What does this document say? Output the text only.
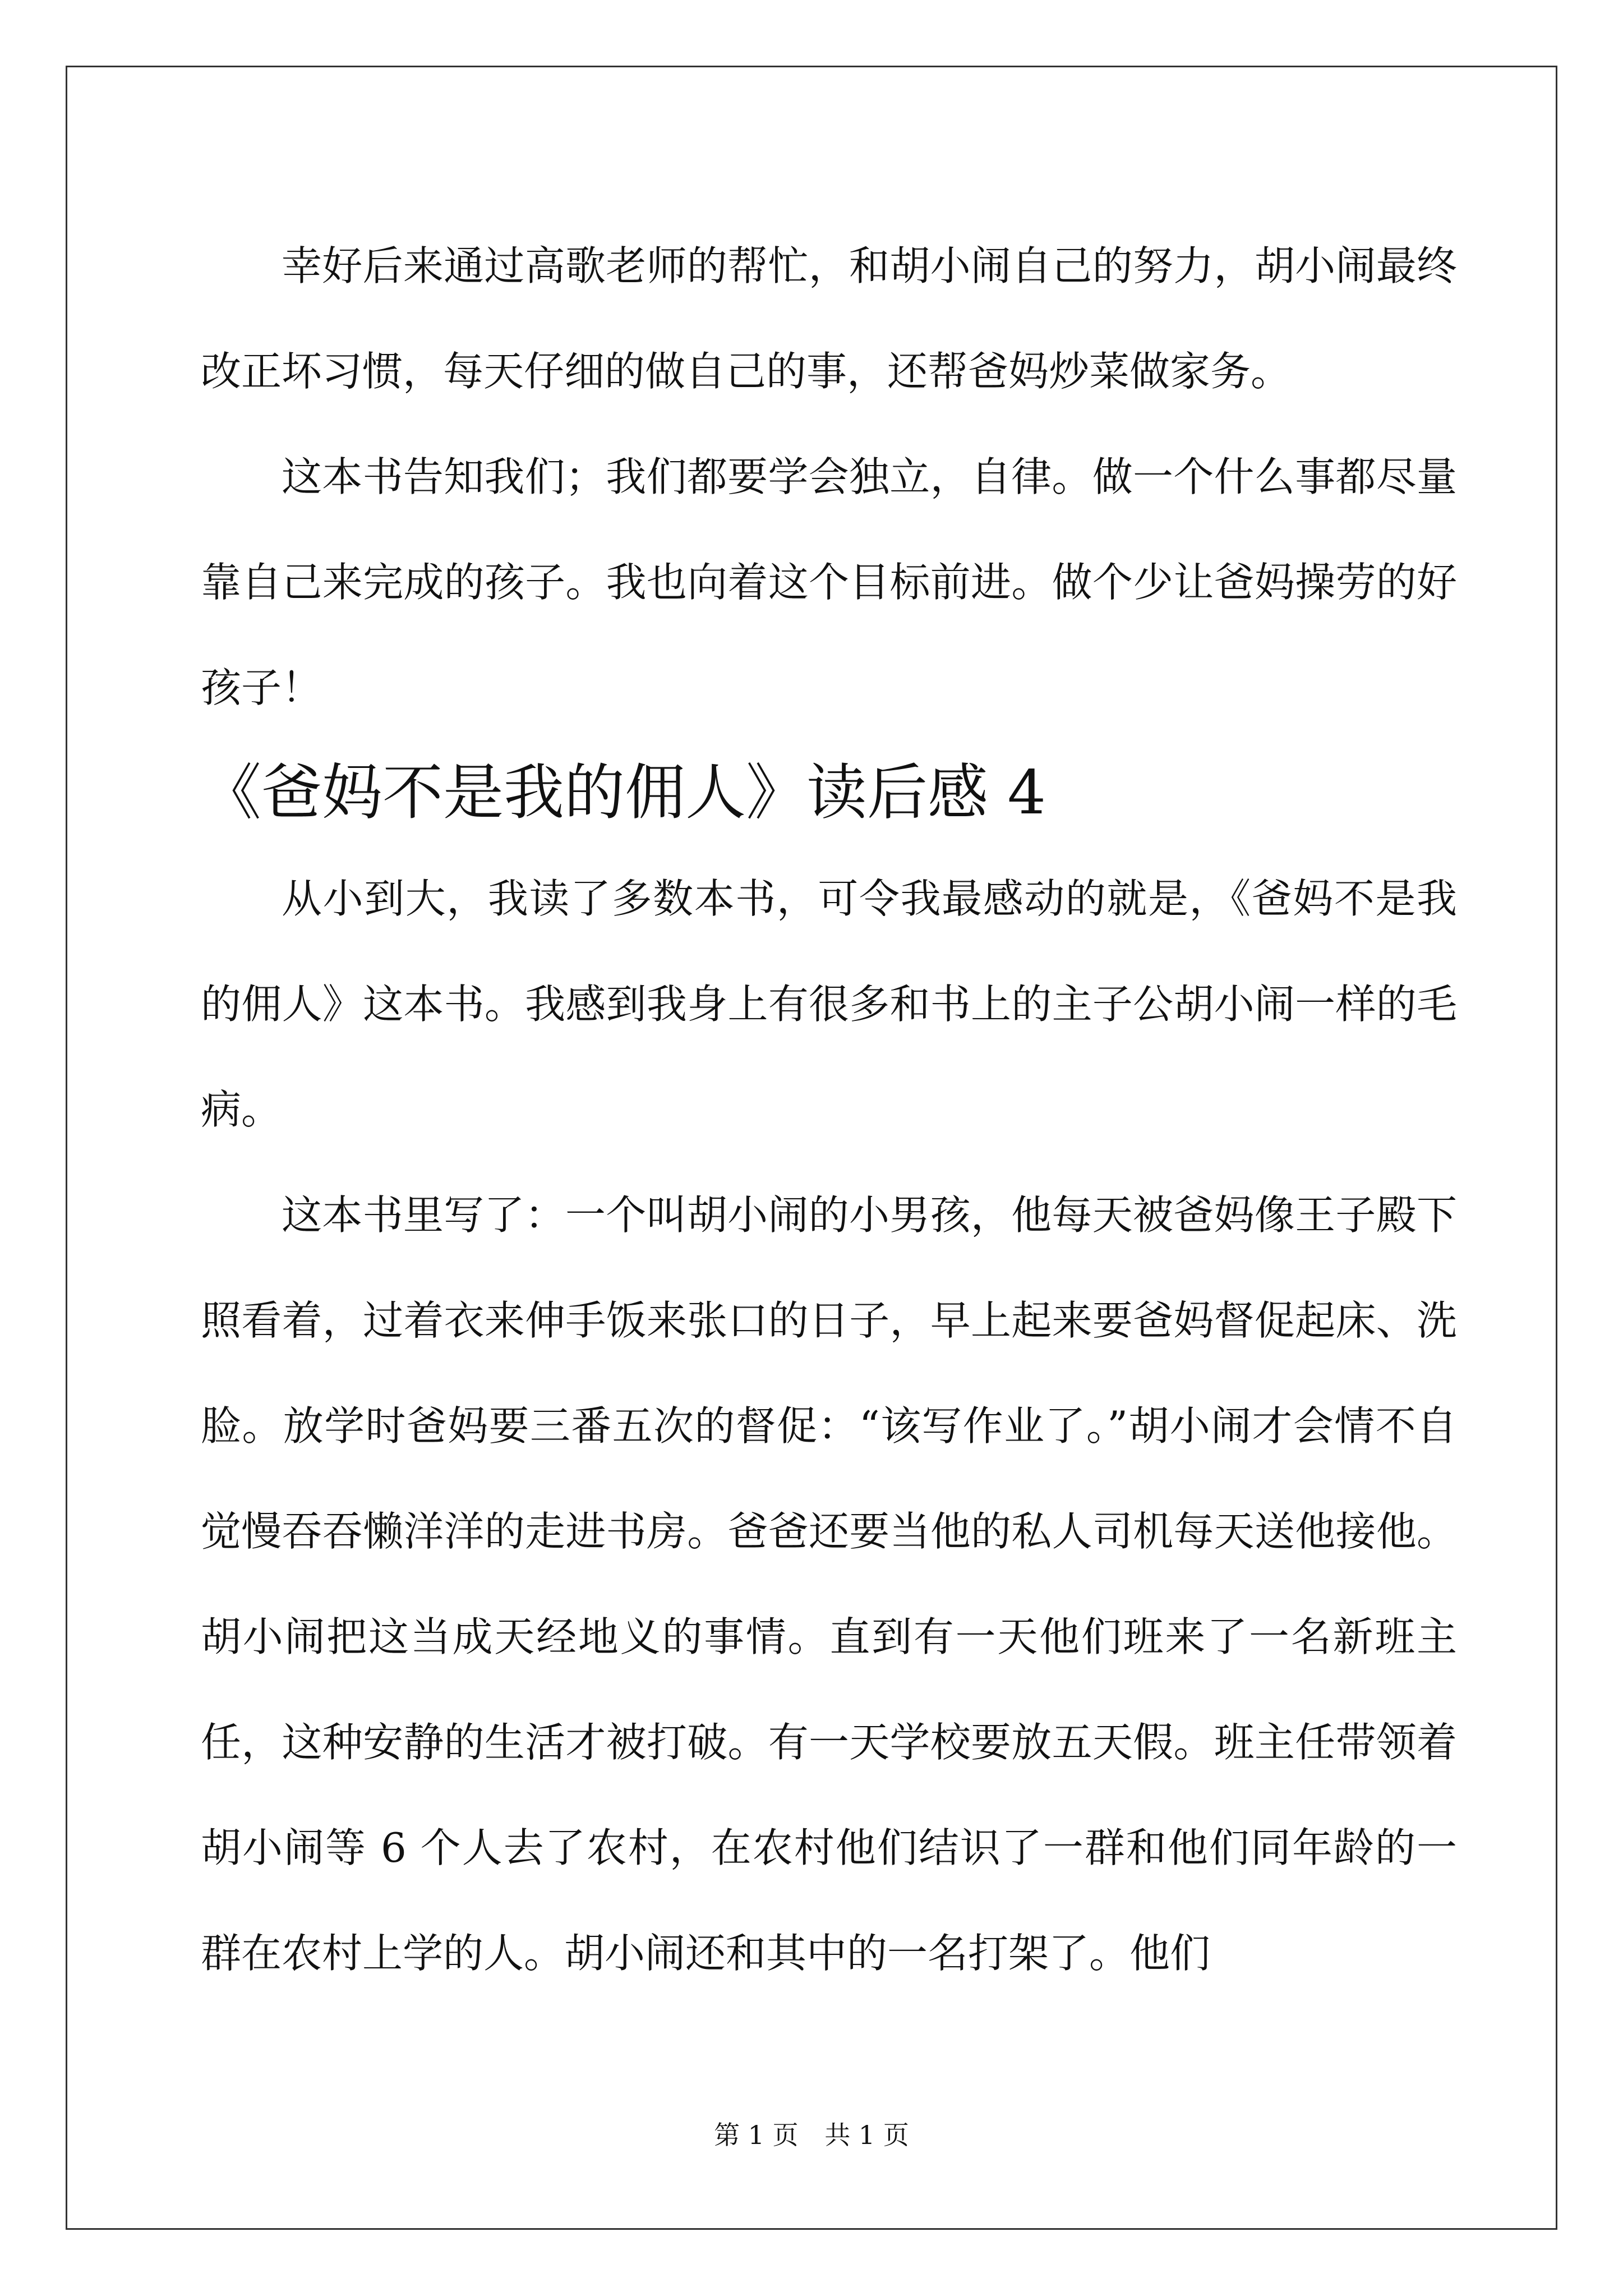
幸好后来通过高歌老师的帮忙，和胡小闹自己的努力，胡小闹最终改正坏习惯，每天仔细的做自己的事，还帮爸妈炒菜做家务。

这本书告知我们；我们都要学会独立，自律。做一个什么事都尽量靠自己来完成的孩子。我也向着这个目标前进。做个少让爸妈操劳的好孩子！

《爸妈不是我的佣人》读后感 4

从小到大，我读了多数本书，可令我最感动的就是，《爸妈不是我的佣人》这本书。我感到我身上有很多和书上的主子公胡小闹一样的毛病。

这本书里写了：一个叫胡小闹的小男孩，他每天被爸妈像王子殿下照看着，过着衣来伸手饭来张口的日子，早上起来要爸妈督促起床、洗脸。放学时爸妈要三番五次的督促：“该写作业了。”胡小闹才会情不自觉慢吞吞懒洋洋的走进书房。爸爸还要当他的私人司机每天送他接他。胡小闹把这当成天经地义的事情。直到有一天他们班来了一名新班主任，这种安静的生活才被打破。有一天学校要放五天假。班主任带领着胡小闹等 6 个人去了农村，在农村他们结识了一群和他们同年龄的一群在农村上学的人。胡小闹还和其中的一名打架了。他们

第 1 页 共 1 页
